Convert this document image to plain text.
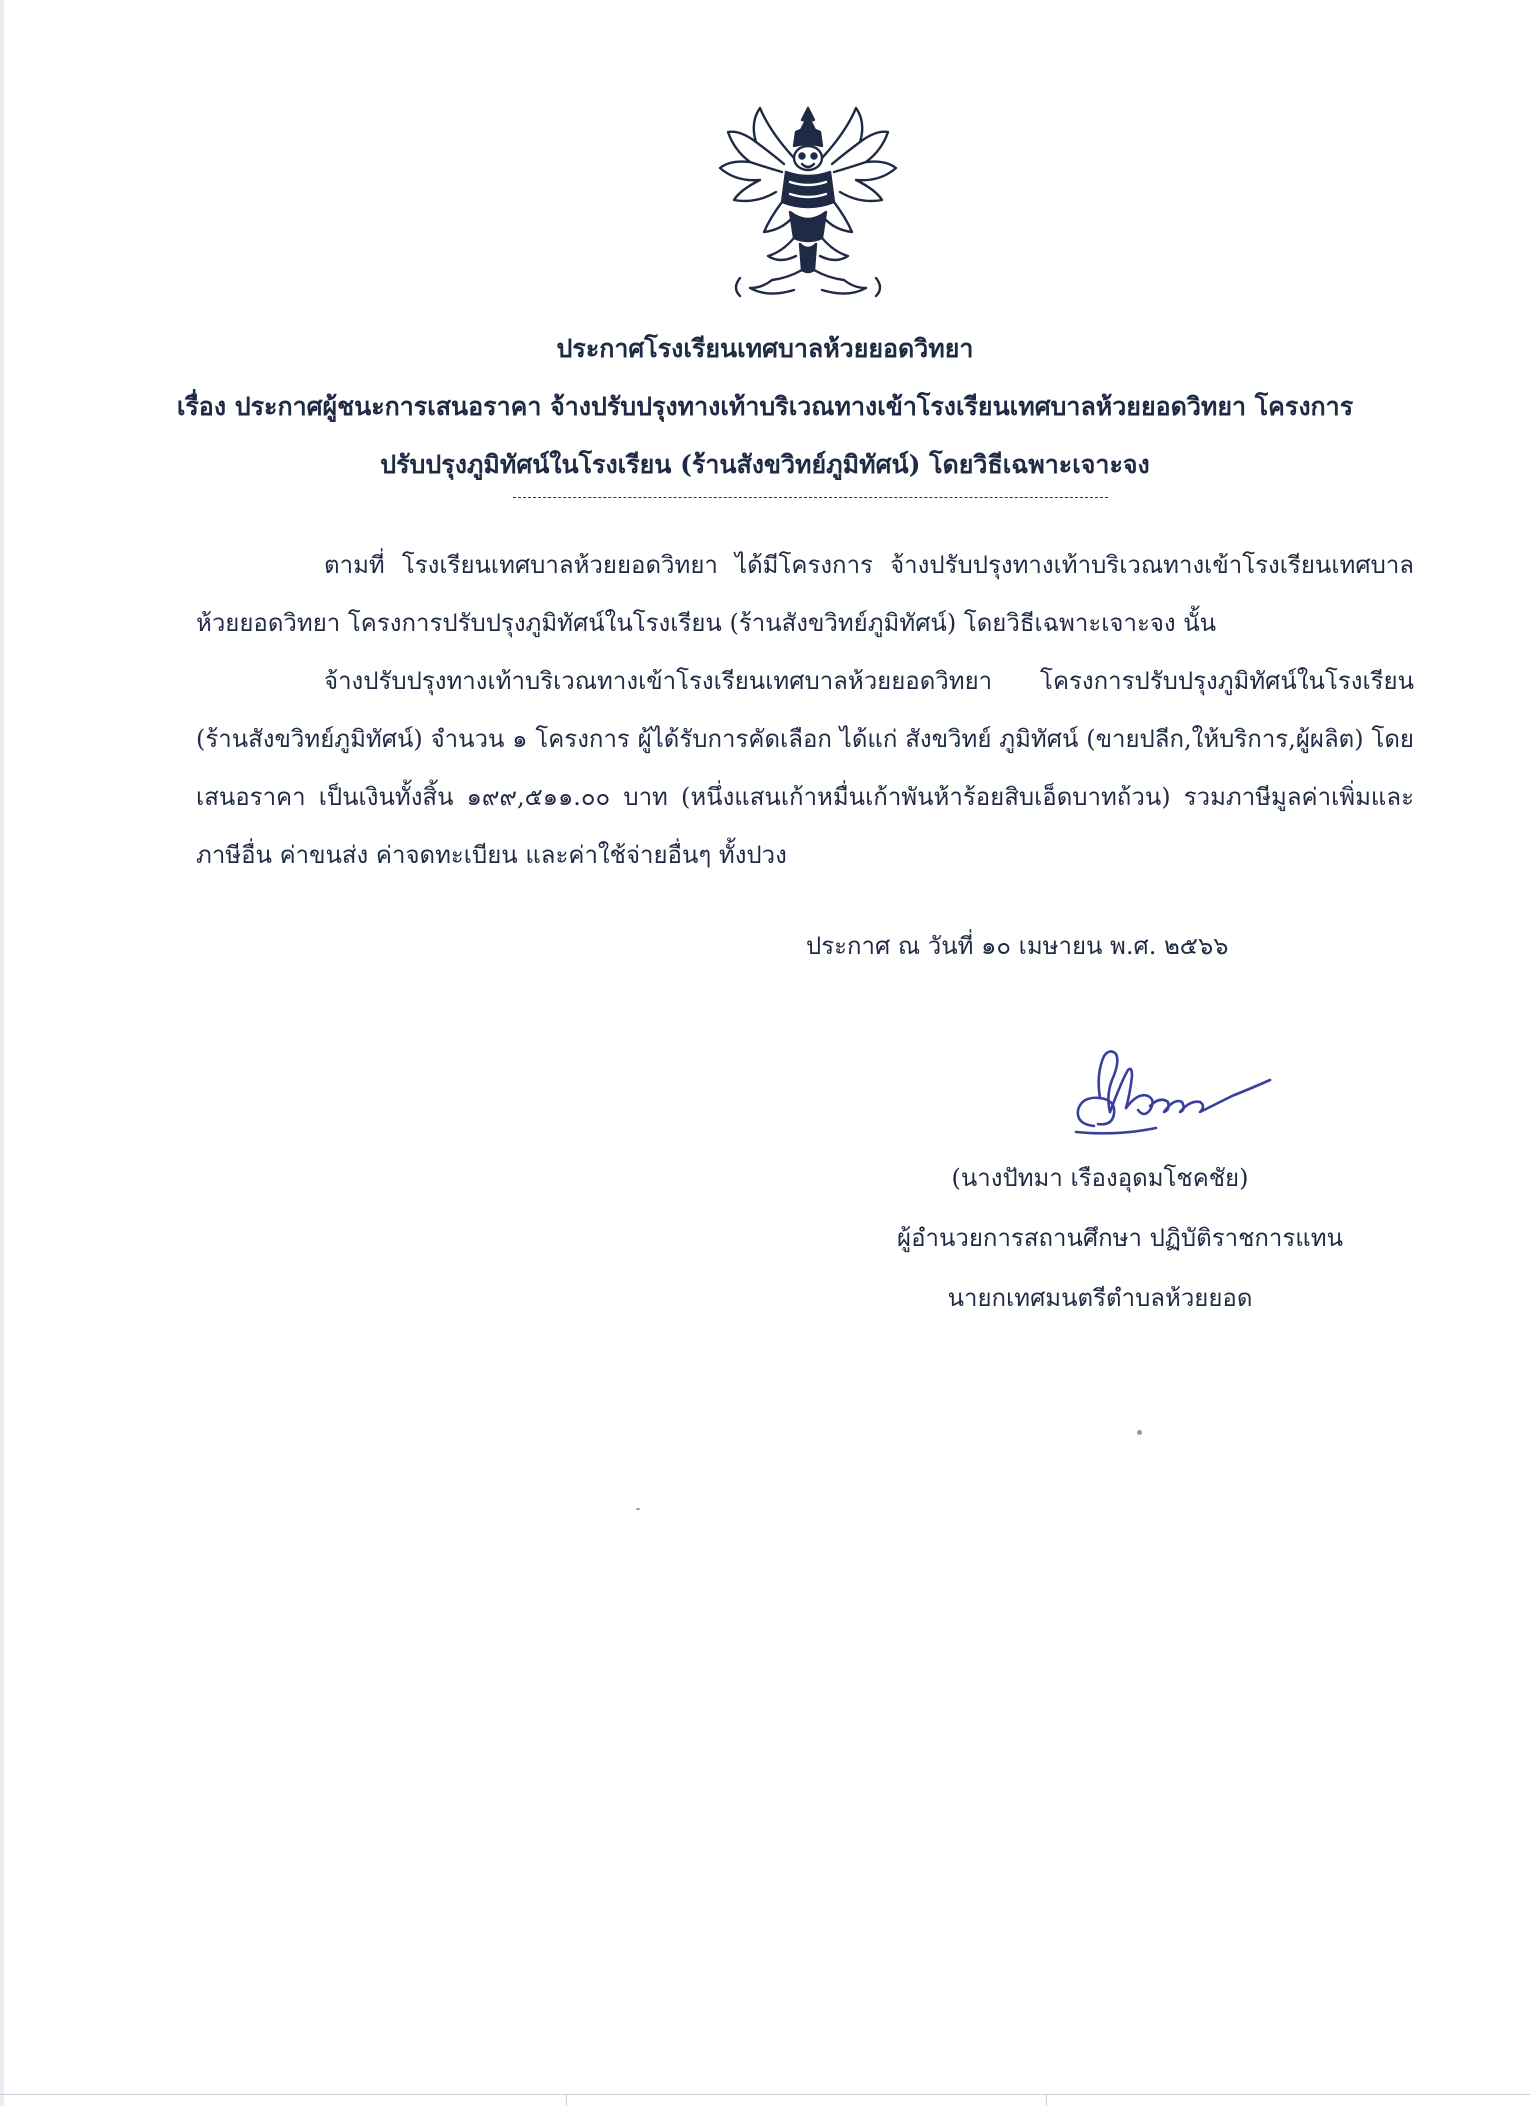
ประกาศโรงเรียนเทศบาลห้วยยอดวิทยา
เรื่อง ประกาศผู้ชนะการเสนอราคา จ้างปรับปรุงทางเท้าบริเวณทางเข้าโรงเรียนเทศบาลห้วยยอดวิทยา โครงการ
ปรับปรุงภูมิทัศน์ในโรงเรียน (ร้านสังขวิทย์ภูมิทัศน์) โดยวิธีเฉพาะเจาะจง
ตามที่ โรงเรียนเทศบาลห้วยยอดวิทยา ได้มีโครงการ จ้างปรับปรุงทางเท้าบริเวณทางเข้าโรงเรียนเทศบาลห้วยยอดวิทยา โครงการปรับปรุงภูมิทัศน์ในโรงเรียน (ร้านสังขวิทย์ภูมิทัศน์) โดยวิธีเฉพาะเจาะจง นั้น
จ้างปรับปรุงทางเท้าบริเวณทางเข้าโรงเรียนเทศบาลห้วยยอดวิทยา โครงการปรับปรุงภูมิทัศน์ในโรงเรียน (ร้านสังขวิทย์ภูมิทัศน์) จำนวน ๑ โครงการ ผู้ได้รับการคัดเลือก ได้แก่ สังขวิทย์ ภูมิทัศน์ (ขายปลีก,ให้บริการ,ผู้ผลิต) โดยเสนอราคา เป็นเงินทั้งสิ้น ๑๙๙,๕๑๑.๐๐ บาท (หนึ่งแสนเก้าหมื่นเก้าพันห้าร้อยสิบเอ็ดบาทถ้วน) รวมภาษีมูลค่าเพิ่มและภาษีอื่น ค่าขนส่ง ค่าจดทะเบียน และค่าใช้จ่ายอื่นๆ ทั้งปวง
ประกาศ ณ วันที่ ๑๐ เมษายน พ.ศ. ๒๕๖๖
(นางปัทมา เรืองอุดมโชคชัย)
ผู้อำนวยการสถานศึกษา ปฏิบัติราชการแทน
นายกเทศมนตรีตำบลห้วยยอด
